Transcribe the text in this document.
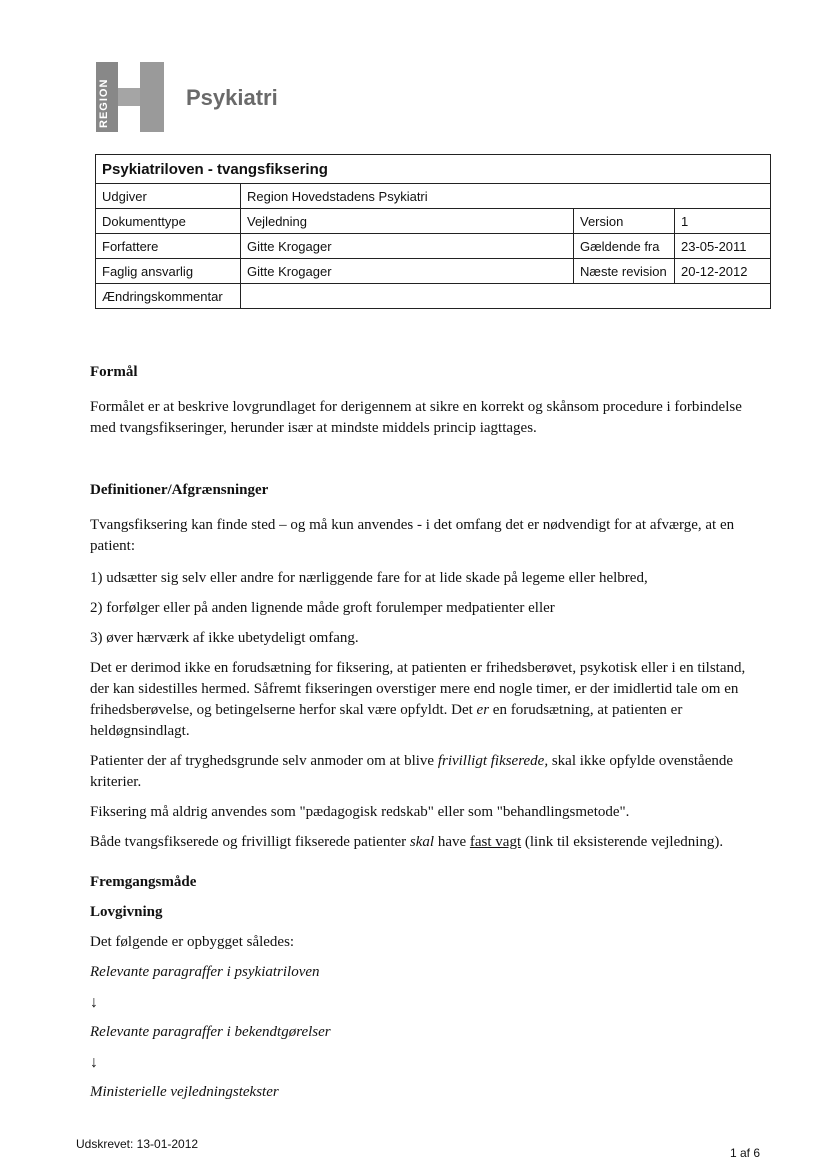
REGION	Psykiatri
Psykiatriloven - tvangsfiksering			
Udgiver	Region Hovedstadens Psykiatri		
Dokumenttype	Vejledning	Version	1
Forfattere	Gitte Krogager	Gældende fra	23-05-2011
Faglig ansvarlig	Gitte Krogager	Næste revision	20-12-2012
Ændringskommentar			

Formål

Formålet er at beskrive lovgrundlaget for derigennem at sikre en korrekt og skånsom procedure i forbindelse med tvangsfikseringer, herunder især at mindste middels princip iagttages.

Definitioner/Afgrænsninger

Tvangsfiksering kan finde sted – og må kun anvendes - i det omfang det er nødvendigt for at afværge, at en patient:

1) udsætter sig selv eller andre for nærliggende fare for at lide skade på legeme eller helbred,

2) forfølger eller på anden lignende måde groft forulemper medpatienter eller

3) øver hærværk af ikke ubetydeligt omfang.

Det er derimod ikke en forudsætning for fiksering, at patienten er frihedsberøvet, psykotisk eller i en tilstand, der kan sidestilles hermed. Såfremt fikseringen overstiger mere end nogle timer, er der imidlertid tale om en frihedsberøvelse, og betingelserne herfor skal være opfyldt. Det er en forudsætning, at patienten er heldøgnsindlagt.

Patienter der af tryghedsgrunde selv anmoder om at blive frivilligt fikserede, skal ikke opfylde ovenstående kriterier.

Fiksering må aldrig anvendes som "pædagogisk redskab" eller som "behandlingsmetode".

Både tvangsfikserede og frivilligt fikserede patienter skal have fast vagt (link til eksisterende vejledning).

Fremgangsmåde

Lovgivning

Det følgende er opbygget således:

Relevante paragraffer i psykiatriloven

↓

Relevante paragraffer i bekendtgørelser

↓

Ministerielle vejledningstekster

Udskrevet: 13-01-2012
1 af 6
